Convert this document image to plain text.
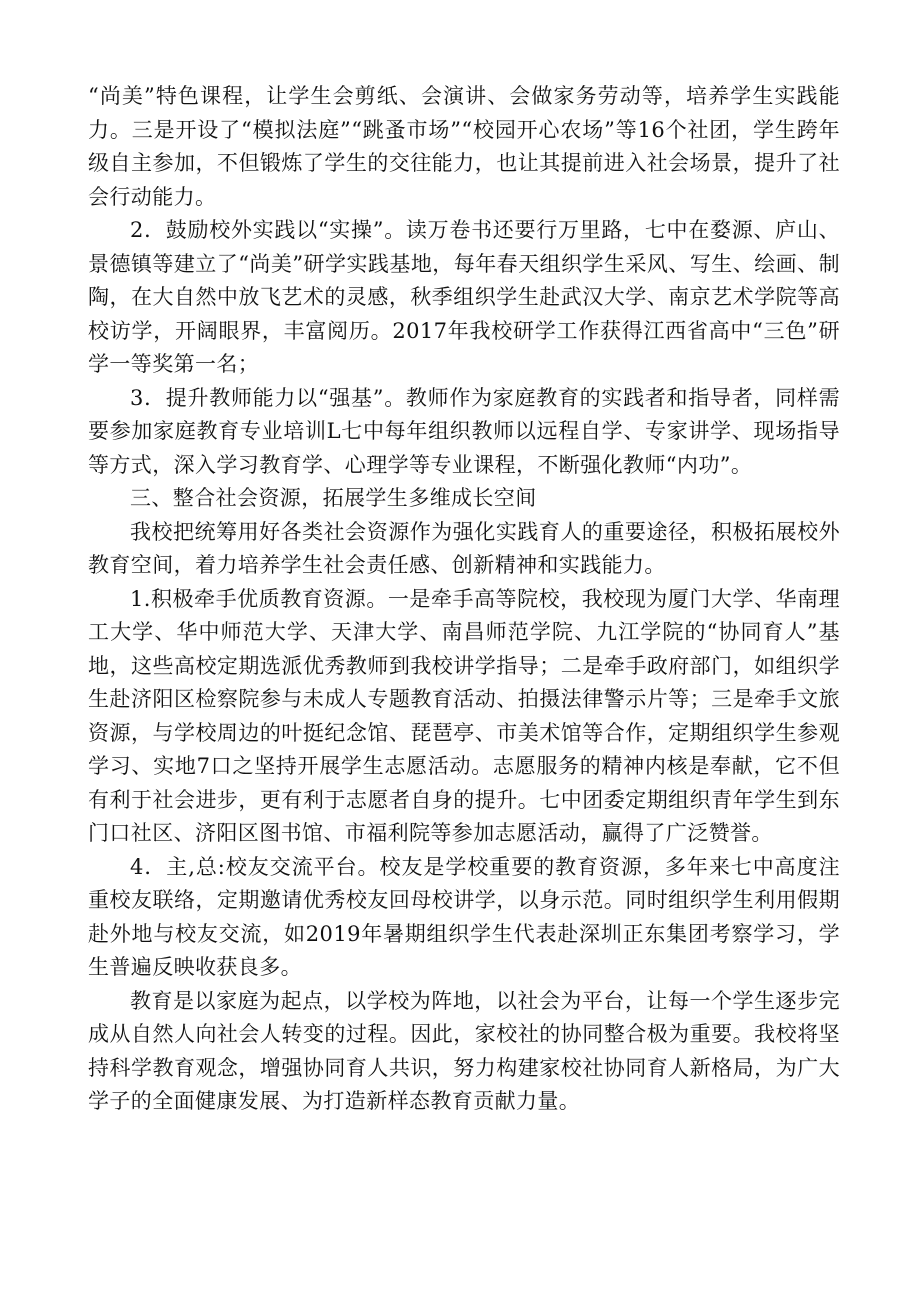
“尚美”特色课程，让学生会剪纸、会演讲、会做家务劳动等，培养学生实践能力。三是开设了“模拟法庭”“跳蚤市场”“校园开心农场”等16个社团，学生跨年级自主参加，不但锻炼了学生的交往能力，也让其提前进入社会场景，提升了社会行动能力。

2．鼓励校外实践以“实操”。读万卷书还要行万里路，七中在婺源、庐山、景德镇等建立了“尚美”研学实践基地，每年春天组织学生采风、写生、绘画、制陶，在大自然中放飞艺术的灵感，秋季组织学生赴武汉大学、南京艺术学院等高校访学，开阔眼界，丰富阅历。2017年我校研学工作获得江西省高中“三色”研学一等奖第一名；

3．提升教师能力以“强基”。教师作为家庭教育的实践者和指导者，同样需要参加家庭教育专业培训L七中每年组织教师以远程自学、专家讲学、现场指导等方式，深入学习教育学、心理学等专业课程，不断强化教师“内功”。

三、整合社会资源，拓展学生多维成长空间

我校把统筹用好各类社会资源作为强化实践育人的重要途径，积极拓展校外教育空间，着力培养学生社会责任感、创新精神和实践能力。

1.积极牵手优质教育资源。一是牵手高等院校，我校现为厦门大学、华南理工大学、华中师范大学、天津大学、南昌师范学院、九江学院的“协同育人”基地，这些高校定期选派优秀教师到我校讲学指导；二是牵手政府部门，如组织学生赴济阳区检察院参与未成人专题教育活动、拍摄法律警示片等；三是牵手文旅资源，与学校周边的叶挺纪念馆、琵琶亭、市美术馆等合作，定期组织学生参观学习、实地7口之坚持开展学生志愿活动。志愿服务的精神内核是奉献，它不但有利于社会进步，更有利于志愿者自身的提升。七中团委定期组织青年学生到东门口社区、济阳区图书馆、市福利院等参加志愿活动，赢得了广泛赞誉。

4．主,总:校友交流平台。校友是学校重要的教育资源，多年来七中高度注重校友联络，定期邀请优秀校友回母校讲学，以身示范。同时组织学生利用假期赴外地与校友交流，如2019年暑期组织学生代表赴深圳正东集团考察学习，学生普遍反映收获良多。

教育是以家庭为起点，以学校为阵地，以社会为平台，让每一个学生逐步完成从自然人向社会人转变的过程。因此，家校社的协同整合极为重要。我校将坚持科学教育观念，增强协同育人共识，努力构建家校社协同育人新格局，为广大学子的全面健康发展、为打造新样态教育贡献力量。
